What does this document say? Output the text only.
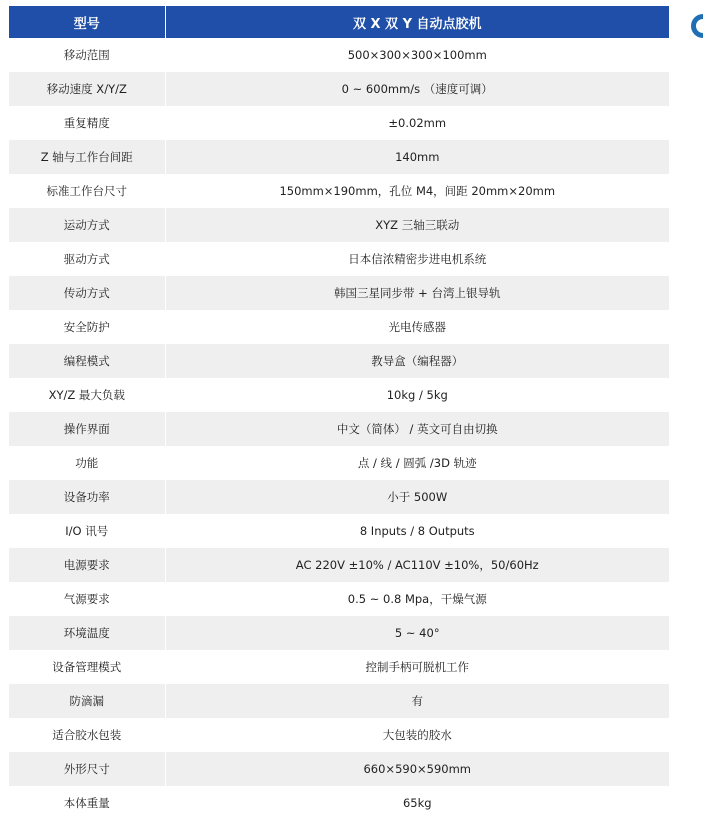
型号	双 X 双 Y 自动点胶机
移动范围	500×300×300×100mm
移动速度 X/Y/Z	0 ~ 600mm/s （速度可调）
重复精度	±0.02mm
Z 轴与工作台间距	140mm
标准工作台尺寸	150mm×190mm，孔位 M4，间距 20mm×20mm
运动方式	XYZ 三轴三联动
驱动方式	日本信浓精密步进电机系统
传动方式	韩国三星同步带 + 台湾上银导轨
安全防护	光电传感器
编程模式	教导盒（编程器）
XY/Z 最大负载	10kg / 5kg
操作界面	中文（简体） / 英文可自由切换
功能	点 / 线 / 圆弧 /3D 轨迹
设备功率	小于 500W
I/O 讯号	8 Inputs / 8 Outputs
电源要求	AC 220V ±10% / AC110V ±10%，50/60Hz
气源要求	0.5 ~ 0.8 Mpa，干燥气源
环境温度	5 ~ 40°
设备管理模式	控制手柄可脱机工作
防滴漏	有
适合胶水包装	大包装的胶水
外形尺寸	660×590×590mm
本体重量	65kg
